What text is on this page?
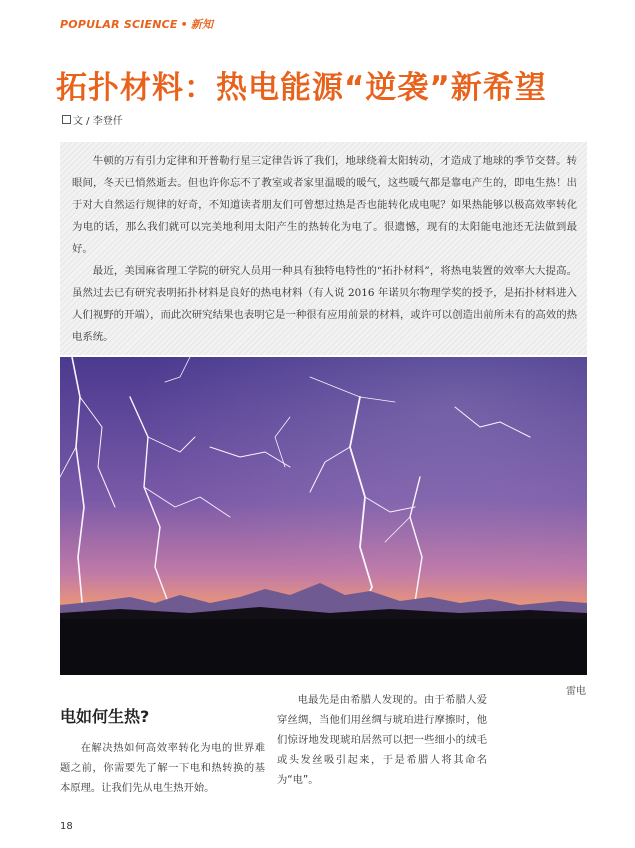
POPULAR SCIENCE • 新知
拓扑材料：热电能源“逆袭”新希望
文 / 李登仟

牛顿的万有引力定律和开普勒行星三定律告诉了我们，地球绕着太阳转动，才造成了地球的季节交替。转眼间，冬天已悄然逝去。但也许你忘不了教室或者家里温暖的暖气，这些暖气都是靠电产生的，即电生热！出于对大自然运行规律的好奇，不知道读者朋友们可曾想过热是否也能转化成电呢？如果热能够以极高效率转化为电的话，那么我们就可以完美地利用太阳产生的热转化为电了。很遗憾，现有的太阳能电池还无法做到最好。

最近，美国麻省理工学院的研究人员用一种具有独特电特性的“拓扑材料”，将热电装置的效率大大提高。虽然过去已有研究表明拓扑材料是良好的热电材料（有人说 2016 年诺贝尔物理学奖的授予，是拓扑材料进入人们视野的开端），而此次研究结果也表明它是一种很有应用前景的材料，或许可以创造出前所未有的高效的热电系统。

雷电
电如何生热?

在解决热如何高效率转化为电的世界难题之前，你需要先了解一下电和热转换的基本原理。让我们先从电生热开始。

电最先是由希腊人发现的。由于希腊人爱穿丝绸，当他们用丝绸与琥珀进行摩擦时，他们惊讶地发现琥珀居然可以把一些细小的绒毛或头发丝吸引起来，于是希腊人将其命名为“电”。

18
